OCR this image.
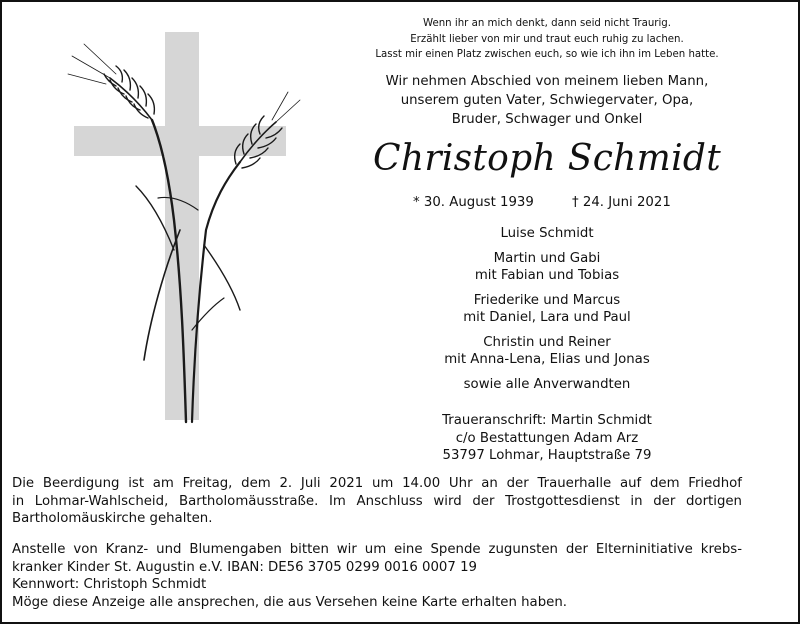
Wenn ihr an mich denkt, dann seid nicht Traurig.
Erzählt lieber von mir und traut euch ruhig zu lachen.
Lasst mir einen Platz zwischen euch, so wie ich ihn im Leben hatte.
Wir nehmen Abschied von meinem lieben Mann,
unserem guten Vater, Schwiegervater, Opa,
Bruder, Schwager und Onkel
Christoph Schmidt
* 30. August 1939	† 24. Juni 2021
Luise Schmidt
Martin und Gabi
mit Fabian und Tobias
Friederike und Marcus
mit Daniel, Lara und Paul
Christin und Reiner
mit Anna-Lena, Elias und Jonas
sowie alle Anverwandten
Traueranschrift: Martin Schmidt
c/o Bestattungen Adam Arz
53797 Lohmar, Hauptstraße 79
Die Beerdigung ist am Freitag, dem 2. Juli 2021 um 14.00 Uhr an der Trauerhalle auf dem Friedhof
in Lohmar-Wahlscheid, Bartholomäusstraße. Im Anschluss wird der Trostgottesdienst in der dortigen
Bartholomäuskirche gehalten.
Anstelle von Kranz- und Blumengaben bitten wir um eine Spende zugunsten der Elterninitiative krebs-
kranker Kinder St. Augustin e.V. IBAN: DE56 3705 0299 0016 0007 19
Kennwort: Christoph Schmidt
Möge diese Anzeige alle ansprechen, die aus Versehen keine Karte erhalten haben.
